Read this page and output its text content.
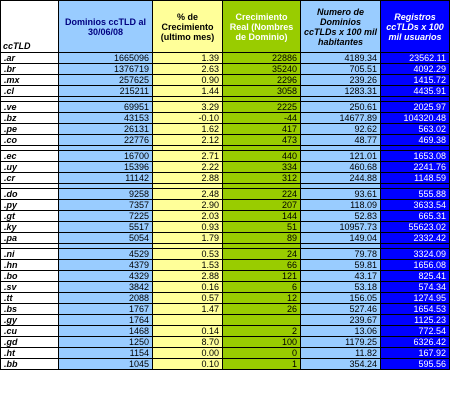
ccTLD	Dominios ccTLD al 30/06/08	% de Crecimiento (ultimo mes)	Crecimiento Real (Nombres de Dominio)	Numero de Dominios ccTLDs x 100 mil habitantes	Registros ccTLDs x 100 mil usuarios
.ar	1665096	1.39	22886	4189.34	23562.11
.br	1376719	2.63	35240	705.51	4092.29
.mx	257625	0.90	2296	239.26	1415.72
.cl	215211	1.44	3058	1283.31	4435.91

.ve	69951	3.29	2225	250.61	2025.97
.bz	43153	-0.10	-44	14677.89	104320.48
.pe	26131	1.62	417	92.62	563.02
.co	22776	2.12	473	48.77	469.38

.ec	16700	2.71	440	121.01	1653.08
.uy	15396	2.22	334	460.68	2241.76
.cr	11142	2.88	312	244.88	1148.59

.do	9258	2.48	224	93.61	555.88
.py	7357	2.90	207	118.09	3633.54
.gt	7225	2.03	144	52.83	665.31
.ky	5517	0.93	51	10957.73	55623.02
.pa	5054	1.79	89	149.04	2332.42

.ni	4529	0.53	24	79.78	3324.09
.hn	4379	1.53	66	59.81	1656.08
.bo	4329	2.88	121	43.17	825.41
.sv	3842	0.16	6	53.18	574.34
.tt	2088	0.57	12	156.05	1274.95
.bs	1767	1.47	26	527.46	1654.53
.gy	1764			239.67	1125.23
.cu	1468	0.14	2	13.06	772.54
.gd	1250	8.70	100	1179.25	6326.42
.ht	1154	0.00	0	11.82	167.92
.bb	1045	0.10	1	354.24	595.56
